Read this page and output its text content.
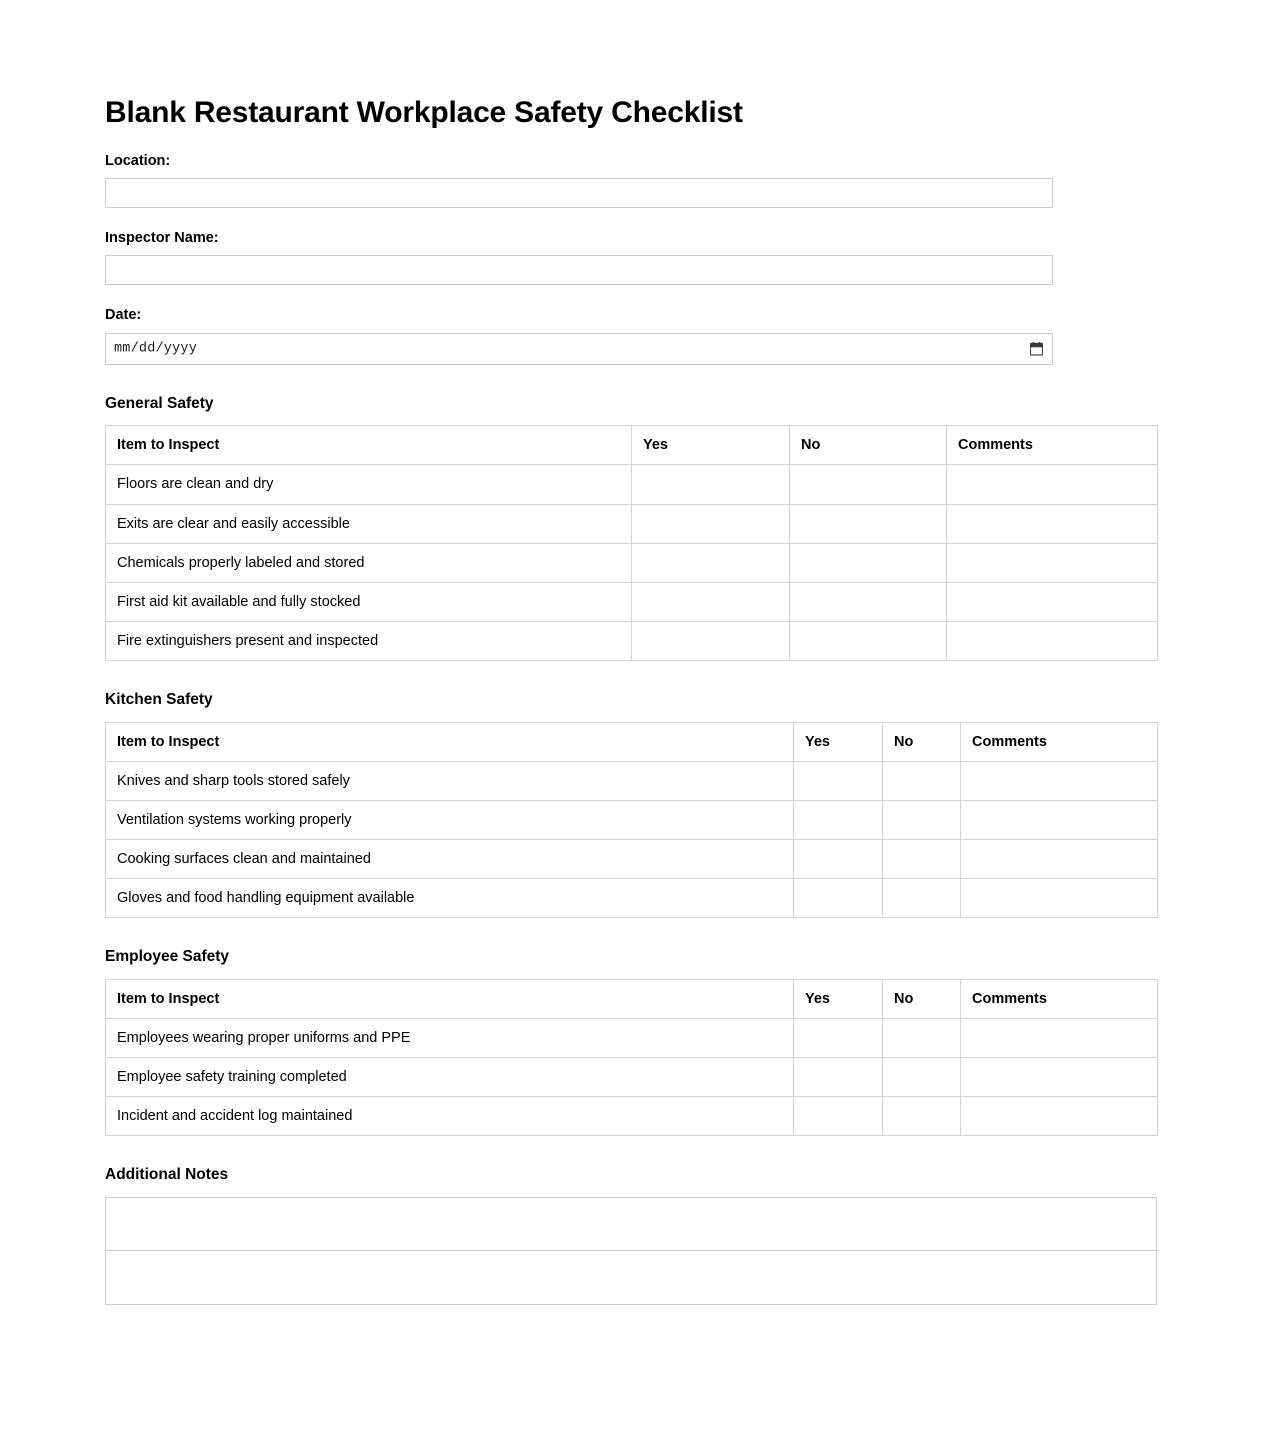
Blank Restaurant Workplace Safety Checklist
Location:
Inspector Name:
Date:
mm/dd/yyyy
General Safety
Item to Inspect	Yes	No	Comments
Floors are clean and dry			
Exits are clear and easily accessible			
Chemicals properly labeled and stored			
First aid kit available and fully stocked			
Fire extinguishers present and inspected			
Kitchen Safety
Item to Inspect	Yes	No	Comments
Knives and sharp tools stored safely			
Ventilation systems working properly			
Cooking surfaces clean and maintained			
Gloves and food handling equipment available			
Employee Safety
Item to Inspect	Yes	No	Comments
Employees wearing proper uniforms and PPE			
Employee safety training completed			
Incident and accident log maintained			
Additional Notes
